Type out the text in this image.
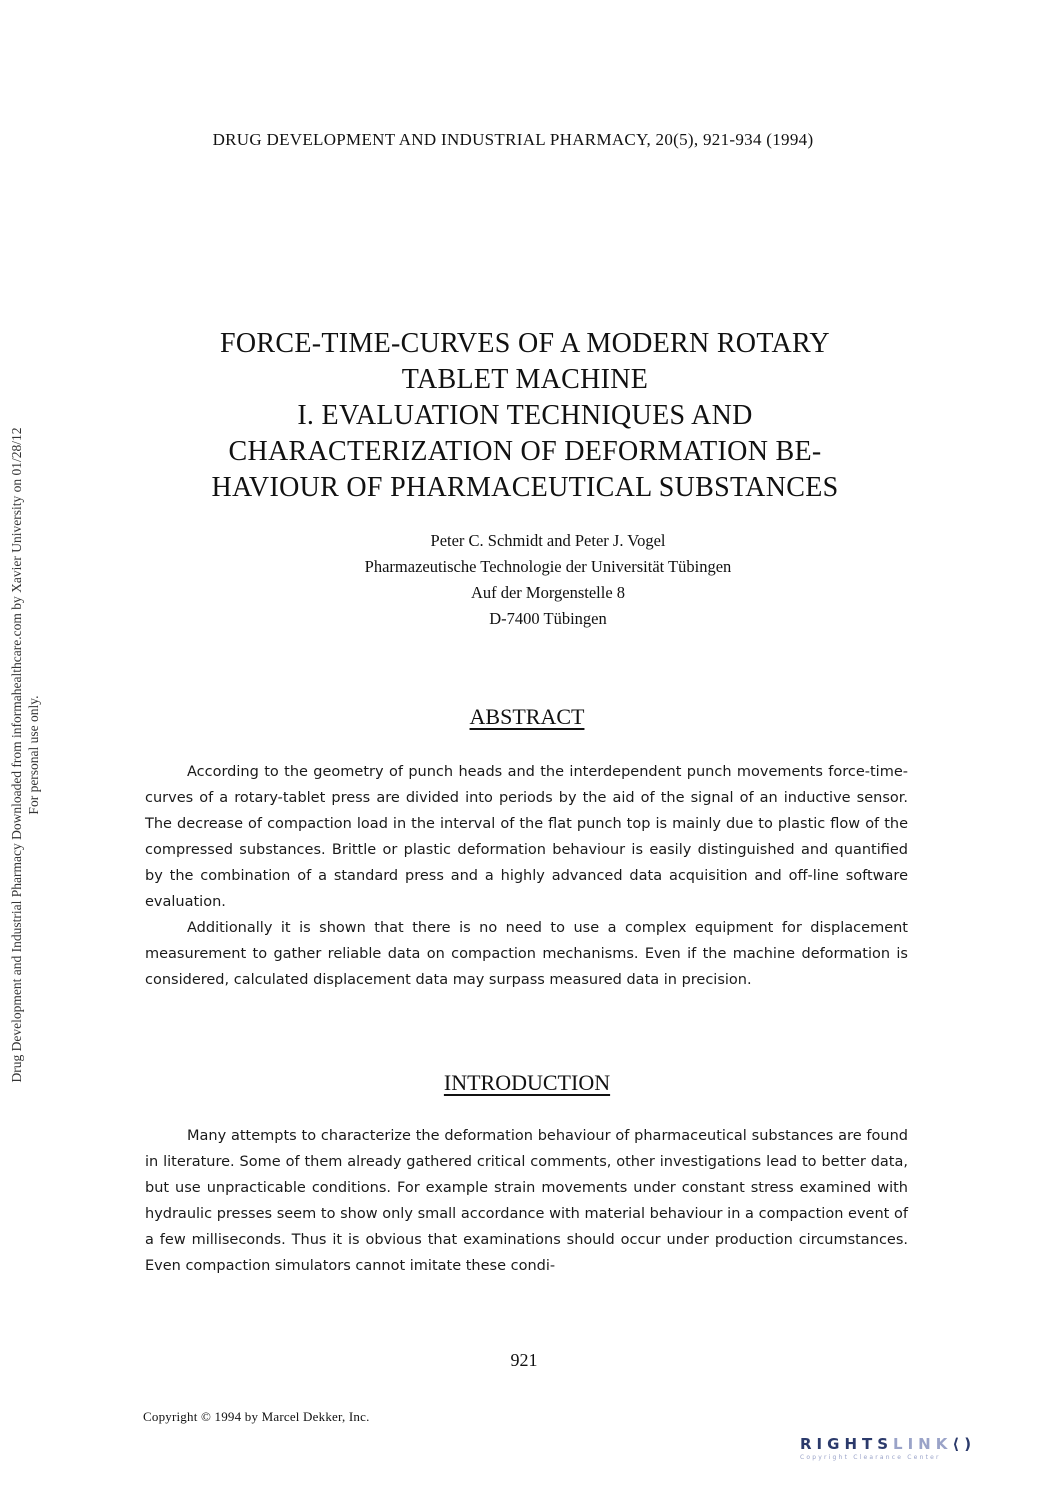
DRUG DEVELOPMENT AND INDUSTRIAL PHARMACY, 20(5), 921-934 (1994)
Drug Development and Industrial Pharmacy Downloaded from informahealthcare.com by Xavier University on 01/28/12 For personal use only.
FORCE-TIME-CURVES OF A MODERN ROTARY
TABLET MACHINE
I. EVALUATION TECHNIQUES AND
CHARACTERIZATION OF DEFORMATION BE-
HAVIOUR OF PHARMACEUTICAL SUBSTANCES
Peter C. Schmidt and Peter J. Vogel
Pharmazeutische Technologie der Universität Tübingen
Auf der Morgenstelle 8
D-7400 Tübingen
ABSTRACT

According to the geometry of punch heads and the interdependent punch movements force-time-curves of a rotary-tablet press are divided into periods by the aid of the signal of an inductive sensor. The decrease of compaction load in the interval of the flat punch top is mainly due to plastic flow of the compressed substances. Brittle or plastic deformation behaviour is easily distinguished and quantified by the combination of a standard press and a highly advanced data acquisition and off-line software evaluation.

Additionally it is shown that there is no need to use a complex equipment for displacement measurement to gather reliable data on compaction mechanisms. Even if the machine deformation is considered, calculated displacement data may surpass measured data in precision.

INTRODUCTION

Many attempts to characterize the deformation behaviour of pharmaceutical substances are found in literature. Some of them already gathered critical comments, other investigations lead to better data, but use unpracticable conditions. For example strain movements under constant stress examined with hydraulic presses seem to show only small accordance with material behaviour in a compaction event of a few milliseconds. Thus it is obvious that examinations should occur under production circumstances. Even compaction simulators cannot imitate these condi-

921
Copyright © 1994 by Marcel Dekker, Inc.
RIGHTSLINK⟨)
Copyright Clearance Center
